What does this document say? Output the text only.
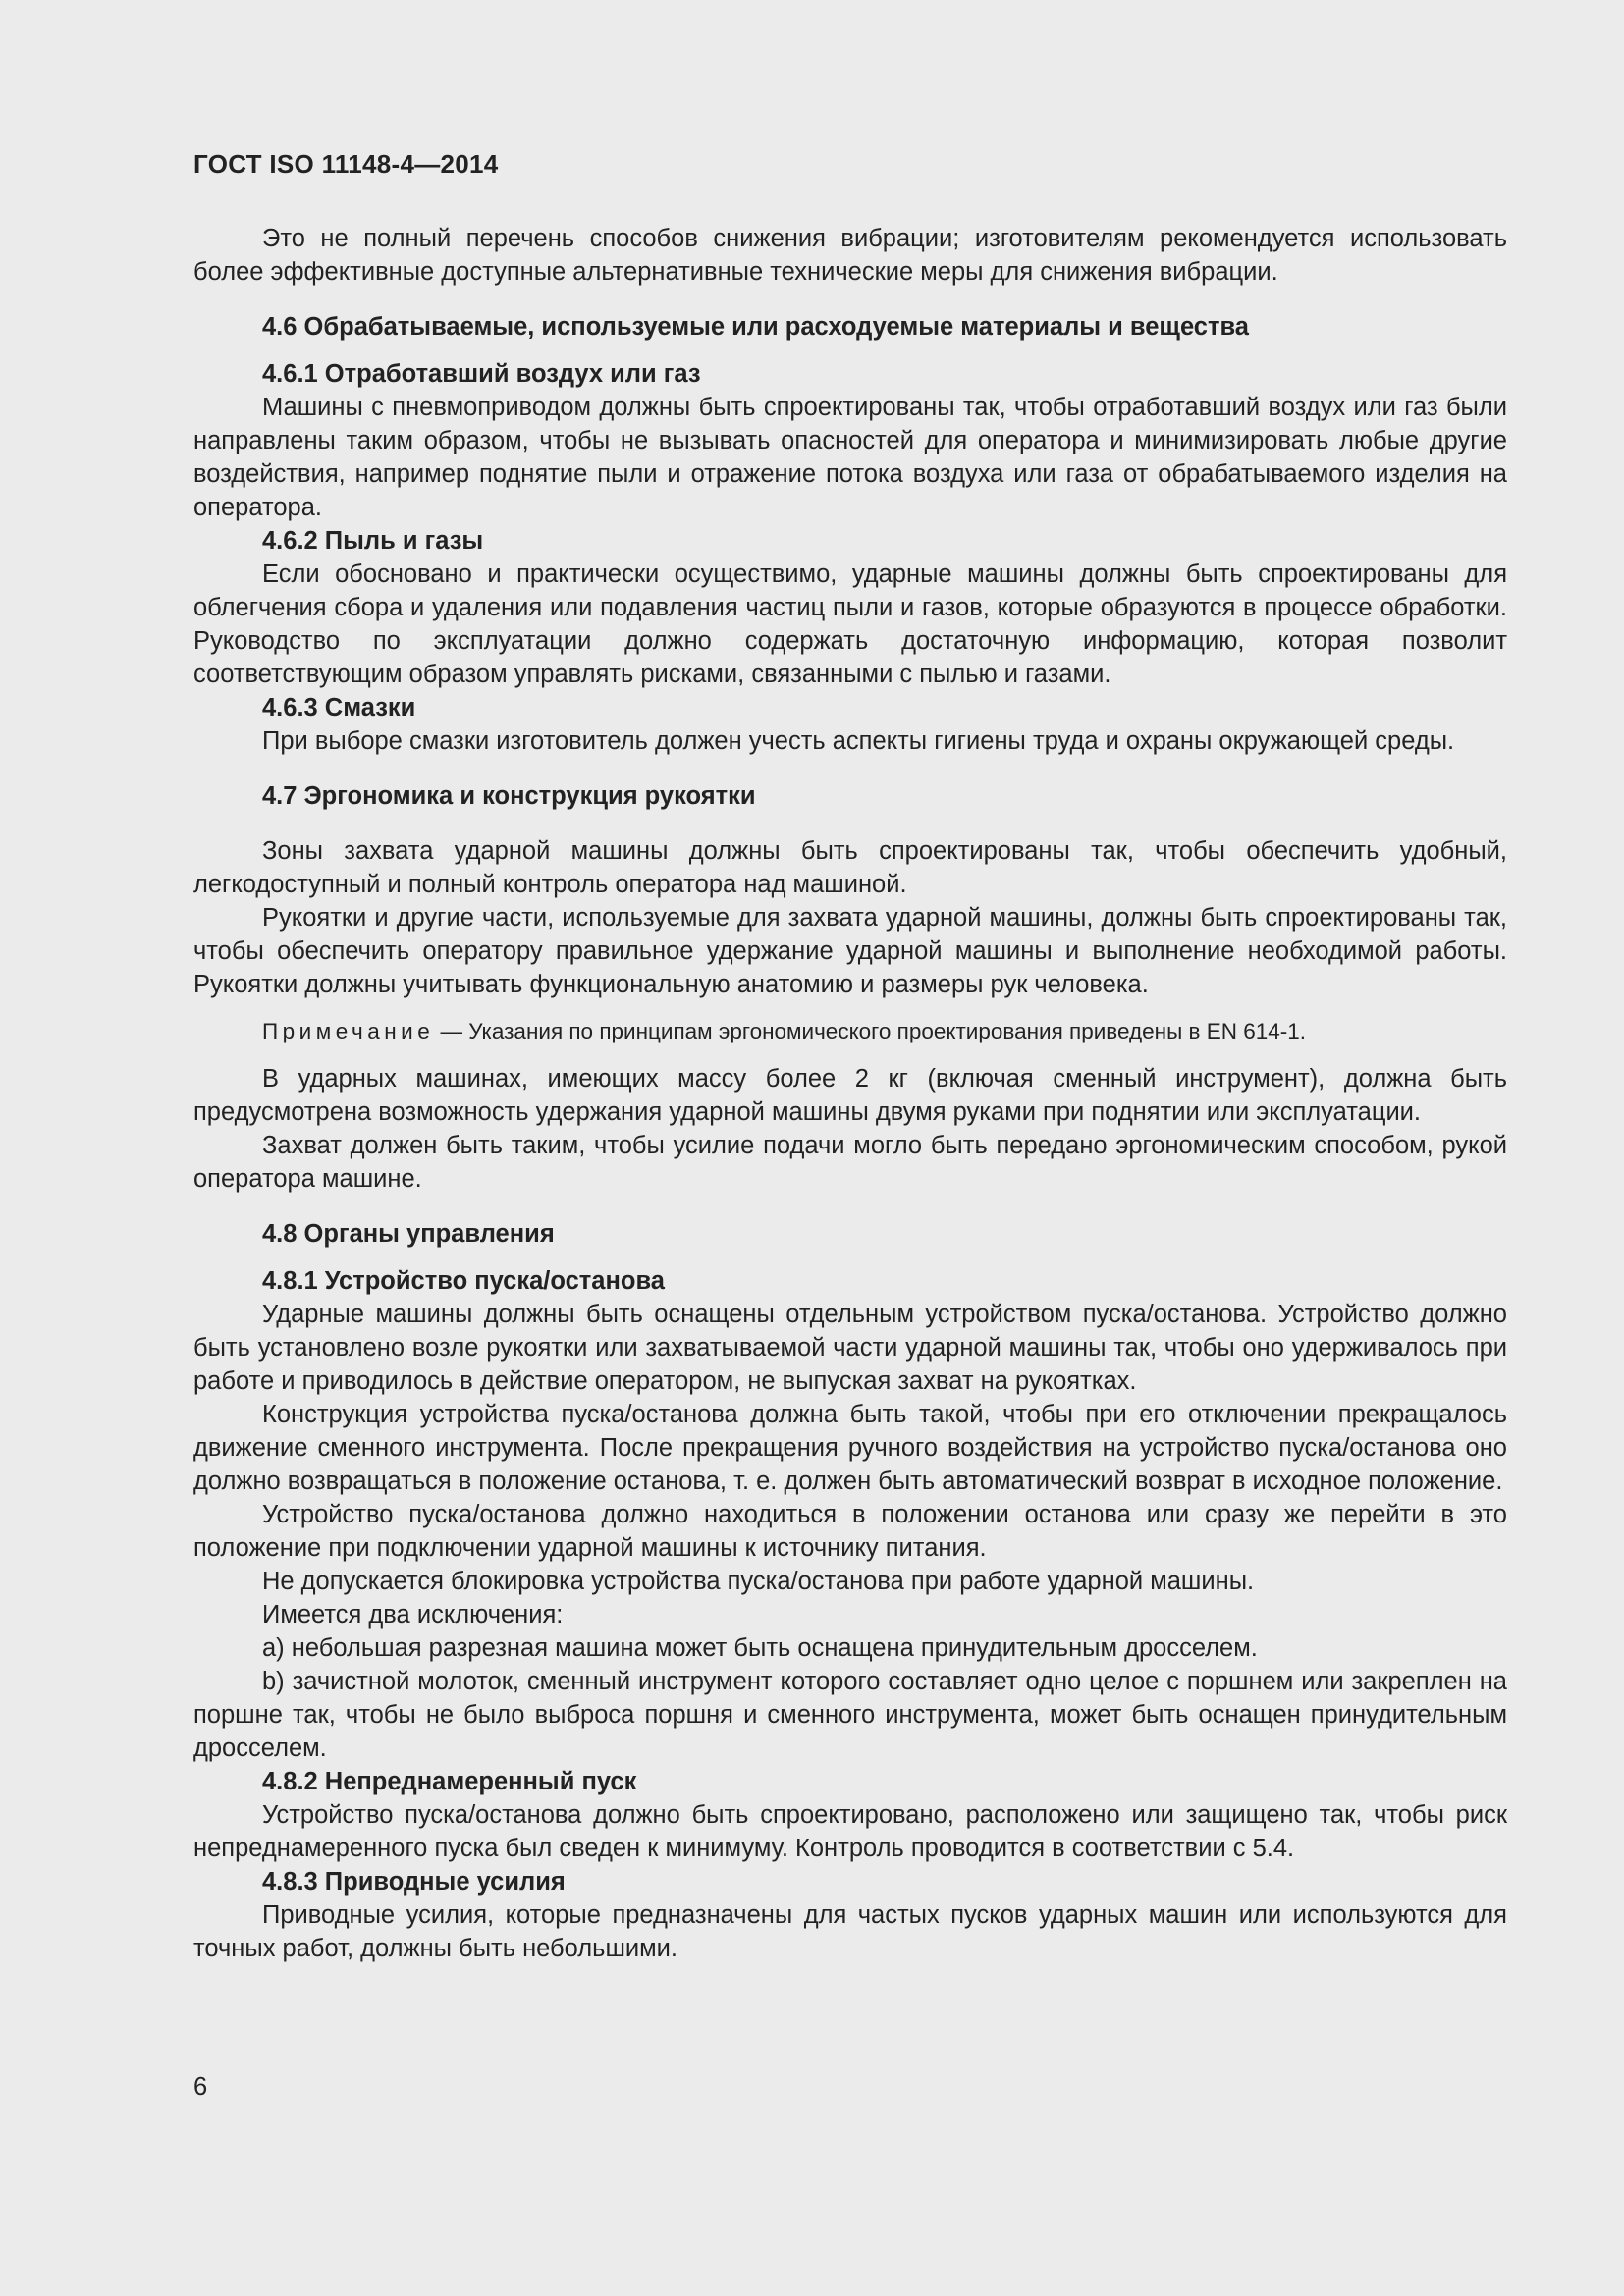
ГОСТ ISO 11148-4—2014

Это не полный перечень способов снижения вибрации; изготовителям рекомендуется использовать более эффективные доступные альтернативные технические меры для снижения вибрации.

4.6 Обрабатываемые, используемые или расходуемые материалы и вещества

4.6.1 Отработавший воздух или газ

Машины с пневмоприводом должны быть спроектированы так, чтобы отработавший воздух или газ были направлены таким образом, чтобы не вызывать опасностей для оператора и минимизировать любые другие воздействия, например поднятие пыли и отражение потока воздуха или газа от обрабатываемого изделия на оператора.

4.6.2 Пыль и газы

Если обосновано и практически осуществимо, ударные машины должны быть спроектированы для облегчения сбора и удаления или подавления частиц пыли и газов, которые образуются в процессе обработки. Руководство по эксплуатации должно содержать достаточную информацию, которая позволит соответствующим образом управлять рисками, связанными с пылью и газами.

4.6.3 Смазки

При выборе смазки изготовитель должен учесть аспекты гигиены труда и охраны окружающей среды.

4.7 Эргономика и конструкция рукоятки

Зоны захвата ударной машины должны быть спроектированы так, чтобы обеспечить удобный, легкодоступный и полный контроль оператора над машиной.

Рукоятки и другие части, используемые для захвата ударной машины, должны быть спроектированы так, чтобы обеспечить оператору правильное удержание ударной машины и выполнение необходимой работы. Рукоятки должны учитывать функциональную анатомию и размеры рук человека.

Примечание — Указания по принципам эргономического проектирования приведены в EN 614-1.

В ударных машинах, имеющих массу более 2 кг (включая сменный инструмент), должна быть предусмотрена возможность удержания ударной машины двумя руками при поднятии или эксплуатации.

Захват должен быть таким, чтобы усилие подачи могло быть передано эргономическим способом, рукой оператора машине.

4.8 Органы управления

4.8.1 Устройство пуска/останова

Ударные машины должны быть оснащены отдельным устройством пуска/останова. Устройство должно быть установлено возле рукоятки или захватываемой части ударной машины так, чтобы оно удерживалось при работе и приводилось в действие оператором, не выпуская захват на рукоятках.

Конструкция устройства пуска/останова должна быть такой, чтобы при его отключении прекращалось движение сменного инструмента. После прекращения ручного воздействия на устройство пуска/останова оно должно возвращаться в положение останова, т. е. должен быть автоматический возврат в исходное положение.

Устройство пуска/останова должно находиться в положении останова или сразу же перейти в это положение при подключении ударной машины к источнику питания.

Не допускается блокировка устройства пуска/останова при работе ударной машины.

Имеется два исключения:

a) небольшая разрезная машина может быть оснащена принудительным дросселем.

b) зачистной молоток, сменный инструмент которого составляет одно целое с поршнем или закреплен на поршне так, чтобы не было выброса поршня и сменного инструмента, может быть оснащен принудительным дросселем.

4.8.2 Непреднамеренный пуск

Устройство пуска/останова должно быть спроектировано, расположено или защищено так, чтобы риск непреднамеренного пуска был сведен к минимуму. Контроль проводится в соответствии с 5.4.

4.8.3 Приводные усилия

Приводные усилия, которые предназначены для частых пусков ударных машин или используются для точных работ, должны быть небольшими.

6
